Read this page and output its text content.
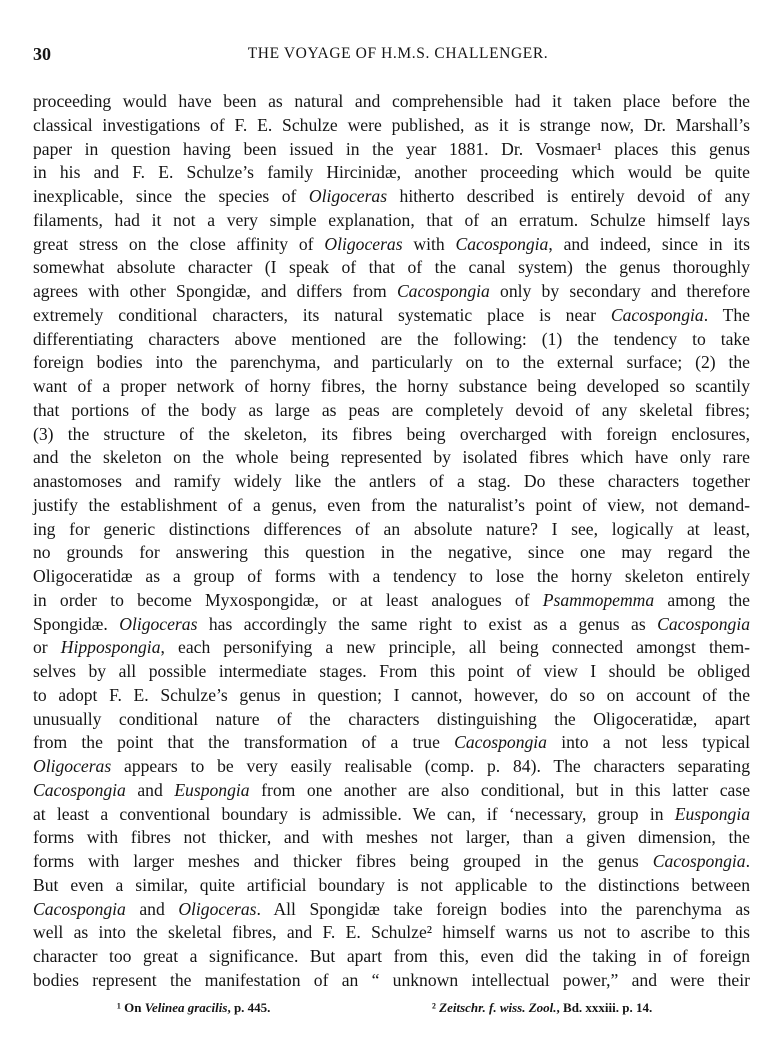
30	THE VOYAGE OF H.M.S. CHALLENGER.
proceeding would have been as natural and comprehensible had it taken place before the
classical investigations of F. E. Schulze were published, as it is strange now, Dr. Marshall’s
paper in question having been issued in the year 1881. Dr. Vosmaer¹ places this genus
in his and F. E. Schulze’s family Hircinidæ, another proceeding which would be quite
inexplicable, since the species of Oligoceras hitherto described is entirely devoid of any
filaments, had it not a very simple explanation, that of an erratum. Schulze himself lays
great stress on the close affinity of Oligoceras with Cacospongia, and indeed, since in its
somewhat absolute character (I speak of that of the canal system) the genus thoroughly
agrees with other Spongidæ, and differs from Cacospongia only by secondary and therefore
extremely conditional characters, its natural systematic place is near Cacospongia. The
differentiating characters above mentioned are the following: (1) the tendency to take
foreign bodies into the parenchyma, and particularly on to the external surface; (2) the
want of a proper network of horny fibres, the horny substance being developed so scantily
that portions of the body as large as peas are completely devoid of any skeletal fibres;
(3) the structure of the skeleton, its fibres being overcharged with foreign enclosures,
and the skeleton on the whole being represented by isolated fibres which have only rare
anastomoses and ramify widely like the antlers of a stag. Do these characters together
justify the establishment of a genus, even from the naturalist’s point of view, not demand-
ing for generic distinctions differences of an absolute nature? I see, logically at least,
no grounds for answering this question in the negative, since one may regard the
Oligoceratidæ as a group of forms with a tendency to lose the horny skeleton entirely
in order to become Myxospongidæ, or at least analogues of Psammopemma among the
Spongidæ. Oligoceras has accordingly the same right to exist as a genus as Cacospongia
or Hippospongia, each personifying a new principle, all being connected amongst them-
selves by all possible intermediate stages. From this point of view I should be obliged
to adopt F. E. Schulze’s genus in question; I cannot, however, do so on account of the
unusually conditional nature of the characters distinguishing the Oligoceratidæ, apart
from the point that the transformation of a true Cacospongia into a not less typical
Oligoceras appears to be very easily realisable (comp. p. 84). The characters separating
Cacospongia and Euspongia from one another are also conditional, but in this latter case
at least a conventional boundary is admissible. We can, if ‘necessary, group in Euspongia
forms with fibres not thicker, and with meshes not larger, than a given dimension, the
forms with larger meshes and thicker fibres being grouped in the genus Cacospongia.
But even a similar, quite artificial boundary is not applicable to the distinctions between
Cacospongia and Oligoceras. All Spongidæ take foreign bodies into the parenchyma as
well as into the skeletal fibres, and F. E. Schulze² himself warns us not to ascribe to this
character too great a significance. But apart from this, even did the taking in of foreign
bodies represent the manifestation of an “ unknown intellectual power,” and were their
¹ On Velinea gracilis, p. 445.	² Zeitschr. f. wiss. Zool., Bd. xxxiii. p. 14.
